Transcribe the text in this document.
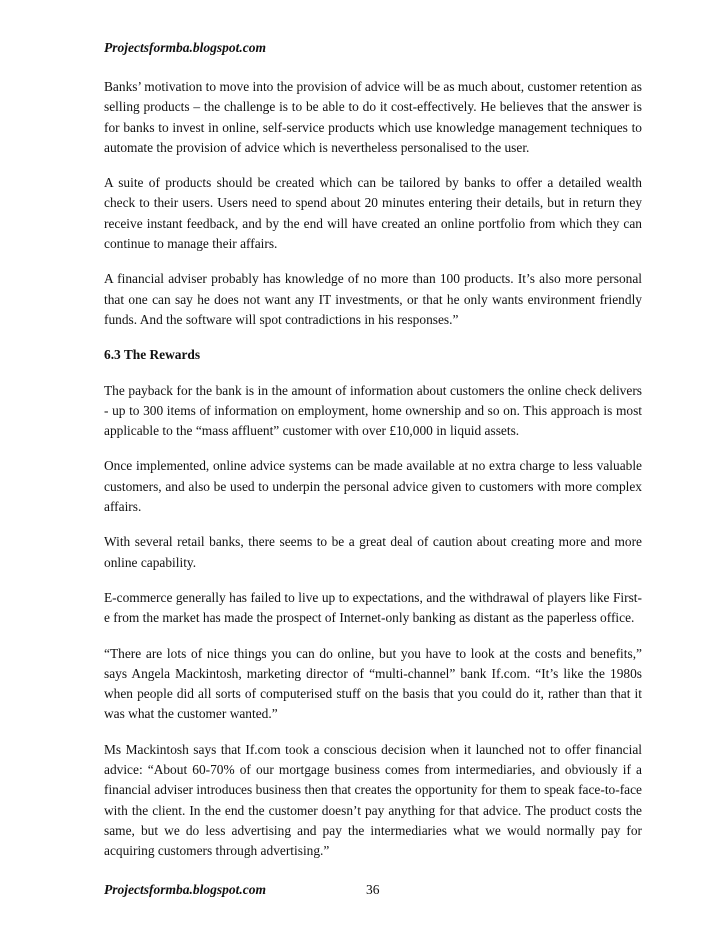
Projectsformba.blogspot.com

Banks’ motivation to move into the provision of advice will be as much about, customer retention as selling products – the challenge is to be able to do it cost-effectively. He believes that the answer is for banks to invest in online, self-service products which use knowledge management techniques to automate the provision of advice which is nevertheless personalised to the user.

A suite of products should be created which can be tailored by banks to offer a detailed wealth check to their users. Users need to spend about 20 minutes entering their details, but in return they receive instant feedback, and by the end will have created an online portfolio from which they can continue to manage their affairs.

A financial adviser probably has knowledge of no more than 100 products. It’s also more personal that one can say he does not want any IT investments, or that he only wants environment friendly funds. And the software will spot contradictions in his responses.”

6.3 The Rewards

The payback for the bank is in the amount of information about customers the online check delivers - up to 300 items of information on employment, home ownership and so on. This approach is most applicable to the “mass affluent” customer with over £10,000 in liquid assets.

Once implemented, online advice systems can be made available at no extra charge to less valuable customers, and also be used to underpin the personal advice given to customers with more complex affairs.

With several retail banks, there seems to be a great deal of caution about creating more and more online capability.

E-commerce generally has failed to live up to expectations, and the withdrawal of players like First-e from the market has made the prospect of Internet-only banking as distant as the paperless office.

“There are lots of nice things you can do online, but you have to look at the costs and benefits,” says Angela Mackintosh, marketing director of “multi-channel” bank If.com. “It’s like the 1980s when people did all sorts of computerised stuff on the basis that you could do it, rather than that it was what the customer wanted.”

Ms Mackintosh says that If.com took a conscious decision when it launched not to offer financial advice: “About 60-70% of our mortgage business comes from intermediaries, and obviously if a financial adviser introduces business then that creates the opportunity for them to speak face-to-face with the client. In the end the customer doesn’t pay anything for that advice. The product costs the same, but we do less advertising and pay the intermediaries what we would normally pay for acquiring customers through advertising.”

Projectsformba.blogspot.com	36
